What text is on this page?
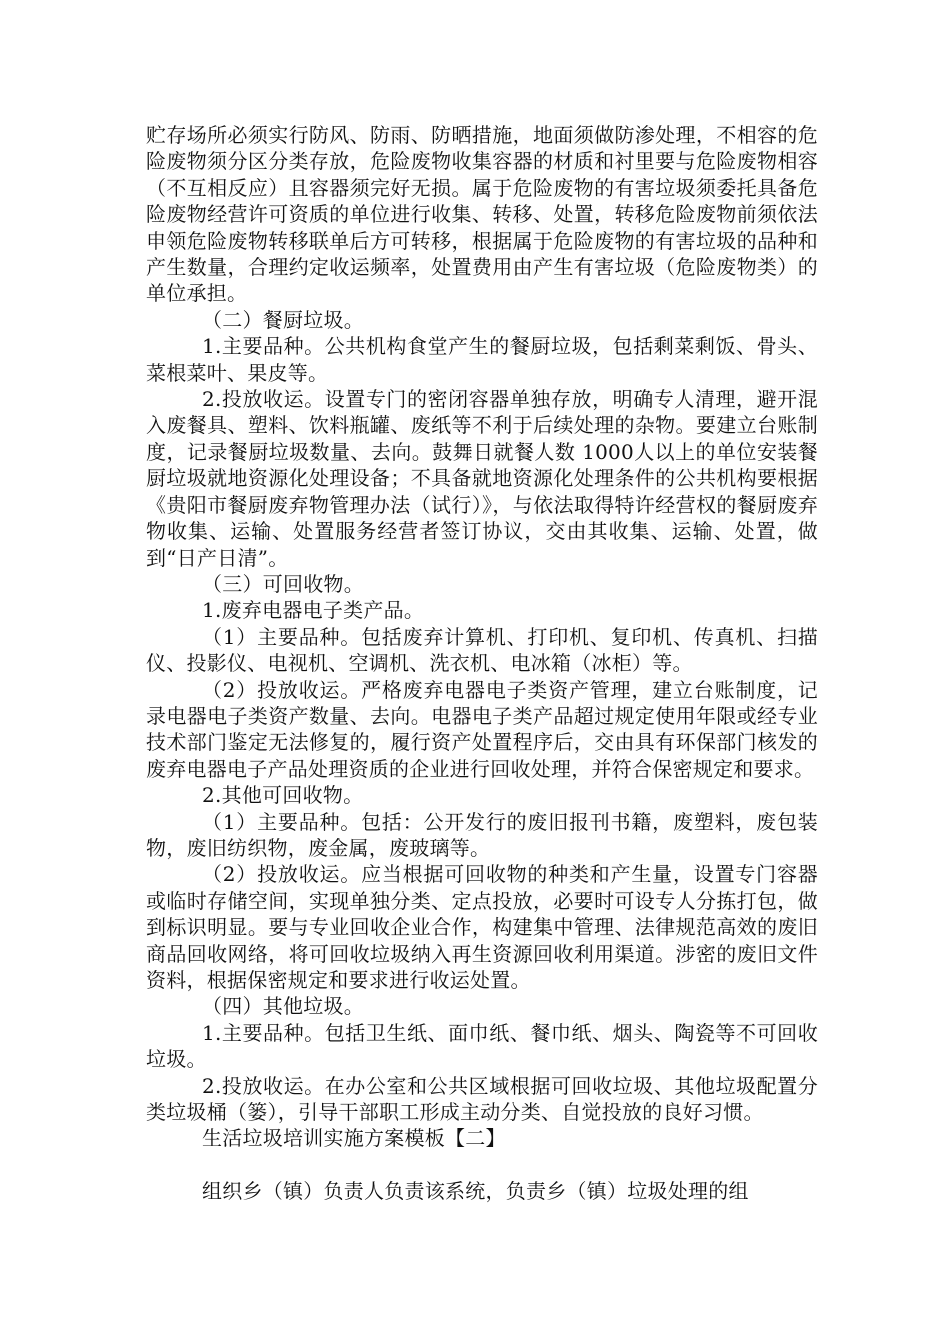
贮存场所必须实行防风、防雨、防晒措施，地面须做防渗处理，不相容的危险废物须分区分类存放，危险废物收集容器的材质和衬里要与危险废物相容（不互相反应）且容器须完好无损。属于危险废物的有害垃圾须委托具备危险废物经营许可资质的单位进行收集、转移、处置，转移危险废物前须依法申领危险废物转移联单后方可转移，根据属于危险废物的有害垃圾的品种和产生数量，合理约定收运频率，处置费用由产生有害垃圾（危险废物类）的单位承担。

（二）餐厨垃圾。

1.主要品种。公共机构食堂产生的餐厨垃圾，包括剩菜剩饭、骨头、菜根菜叶、果皮等。

2.投放收运。设置专门的密闭容器单独存放，明确专人清理，避开混入废餐具、塑料、饮料瓶罐、废纸等不利于后续处理的杂物。要建立台账制度，记录餐厨垃圾数量、去向。鼓舞日就餐人数 1000人以上的单位安装餐厨垃圾就地资源化处理设备；不具备就地资源化处理条件的公共机构要根据《贵阳市餐厨废弃物管理办法（试行）》，与依法取得特许经营权的餐厨废弃物收集、运输、处置服务经营者签订协议，交由其收集、运输、处置，做到“日产日清”。

（三）可回收物。

1.废弃电器电子类产品。

（1）主要品种。包括废弃计算机、打印机、复印机、传真机、扫描仪、投影仪、电视机、空调机、洗衣机、电冰箱（冰柜）等。

（2）投放收运。严格废弃电器电子类资产管理，建立台账制度，记录电器电子类资产数量、去向。电器电子类产品超过规定使用年限或经专业技术部门鉴定无法修复的，履行资产处置程序后，交由具有环保部门核发的废弃电器电子产品处理资质的企业进行回收处理，并符合保密规定和要求。

2.其他可回收物。

（1）主要品种。包括：公开发行的废旧报刊书籍，废塑料，废包装物，废旧纺织物，废金属，废玻璃等。

（2）投放收运。应当根据可回收物的种类和产生量，设置专门容器或临时存储空间，实现单独分类、定点投放，必要时可设专人分拣打包，做到标识明显。要与专业回收企业合作，构建集中管理、法律规范高效的废旧商品回收网络，将可回收垃圾纳入再生资源回收利用渠道。涉密的废旧文件资料，根据保密规定和要求进行收运处置。

（四）其他垃圾。

1.主要品种。包括卫生纸、面巾纸、餐巾纸、烟头、陶瓷等不可回收垃圾。

2.投放收运。在办公室和公共区域根据可回收垃圾、其他垃圾配置分类垃圾桶（篓），引导干部职工形成主动分类、自觉投放的良好习惯。

生活垃圾培训实施方案模板【二】

组织乡（镇）负责人负责该系统，负责乡（镇）垃圾处理的组
